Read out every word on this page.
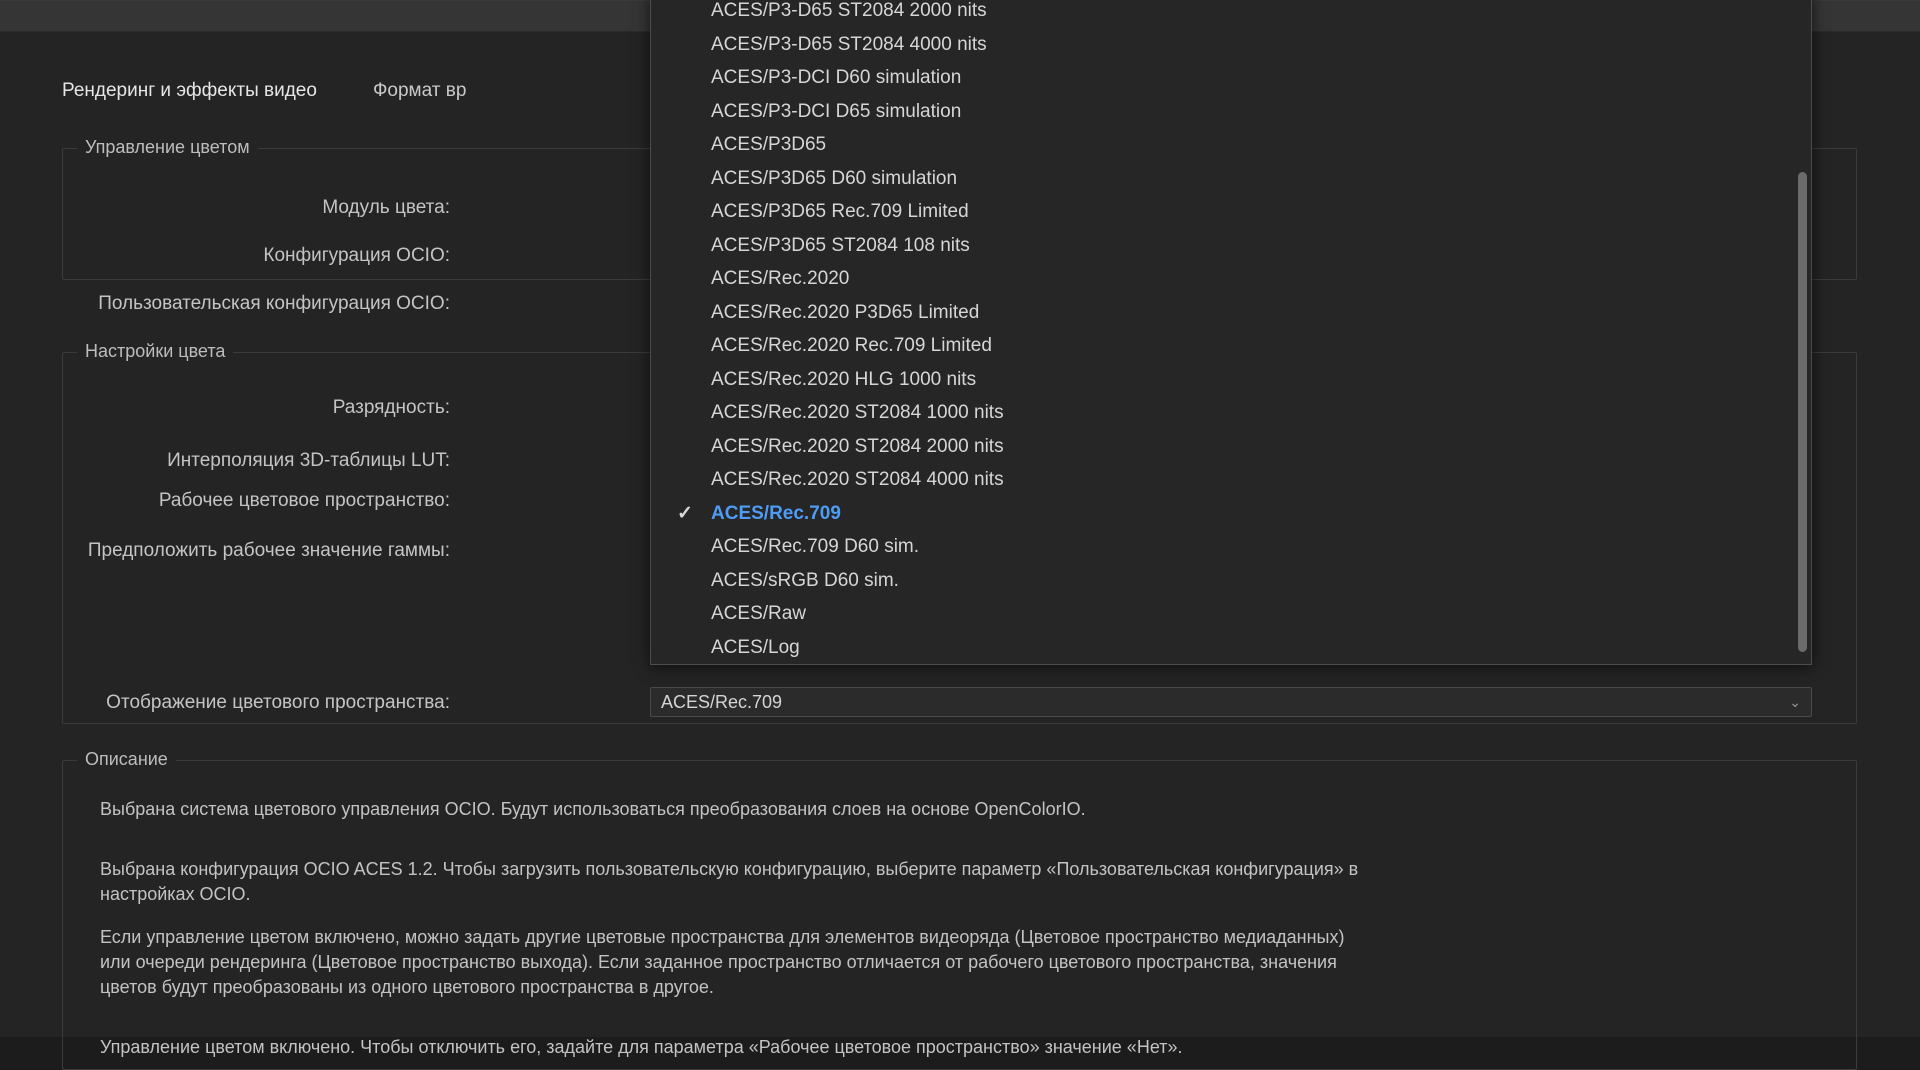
Рендеринг и эффекты видео	Формат вр
Управление цветом
Модуль цвета:
Конфигурация OCIO:
Пользовательская конфигурация OCIO:
Настройки цвета
Разрядность:
Интерполяция 3D-таблицы LUT:
Рабочее цветовое пространство:
Предположить рабочее значение гаммы:
Отображение цветового пространства:	ACES/Rec.709	⌄
Описание
Выбрана система цветового управления OCIO. Будут использоваться преобразования слоев на основе OpenColorIO.
Выбрана конфигурация OCIO ACES 1.2. Чтобы загрузить пользовательскую конфигурацию, выберите параметр «Пользовательская конфигурация» в настройках OCIO.
Если управление цветом включено, можно задать другие цветовые пространства для элементов видеоряда (Цветовое пространство медиаданных) или очереди рендеринга (Цветовое пространство выхода). Если заданное пространство отличается от рабочего цветового пространства, значения цветов будут преобразованы из одного цветового пространства в другое.
Управление цветом включено. Чтобы отключить его, задайте для параметра «Рабочее цветовое пространство» значение «Нет».
ACES/P3-D65 ST2084 2000 nits
ACES/P3-D65 ST2084 4000 nits
ACES/P3-DCI D60 simulation
ACES/P3-DCI D65 simulation
ACES/P3D65
ACES/P3D65 D60 simulation
ACES/P3D65 Rec.709 Limited
ACES/P3D65 ST2084 108 nits
ACES/Rec.2020
ACES/Rec.2020 P3D65 Limited
ACES/Rec.2020 Rec.709 Limited
ACES/Rec.2020 HLG 1000 nits
ACES/Rec.2020 ST2084 1000 nits
ACES/Rec.2020 ST2084 2000 nits
ACES/Rec.2020 ST2084 4000 nits
✓ ACES/Rec.709
ACES/Rec.709 D60 sim.
ACES/sRGB D60 sim.
ACES/Raw
ACES/Log
